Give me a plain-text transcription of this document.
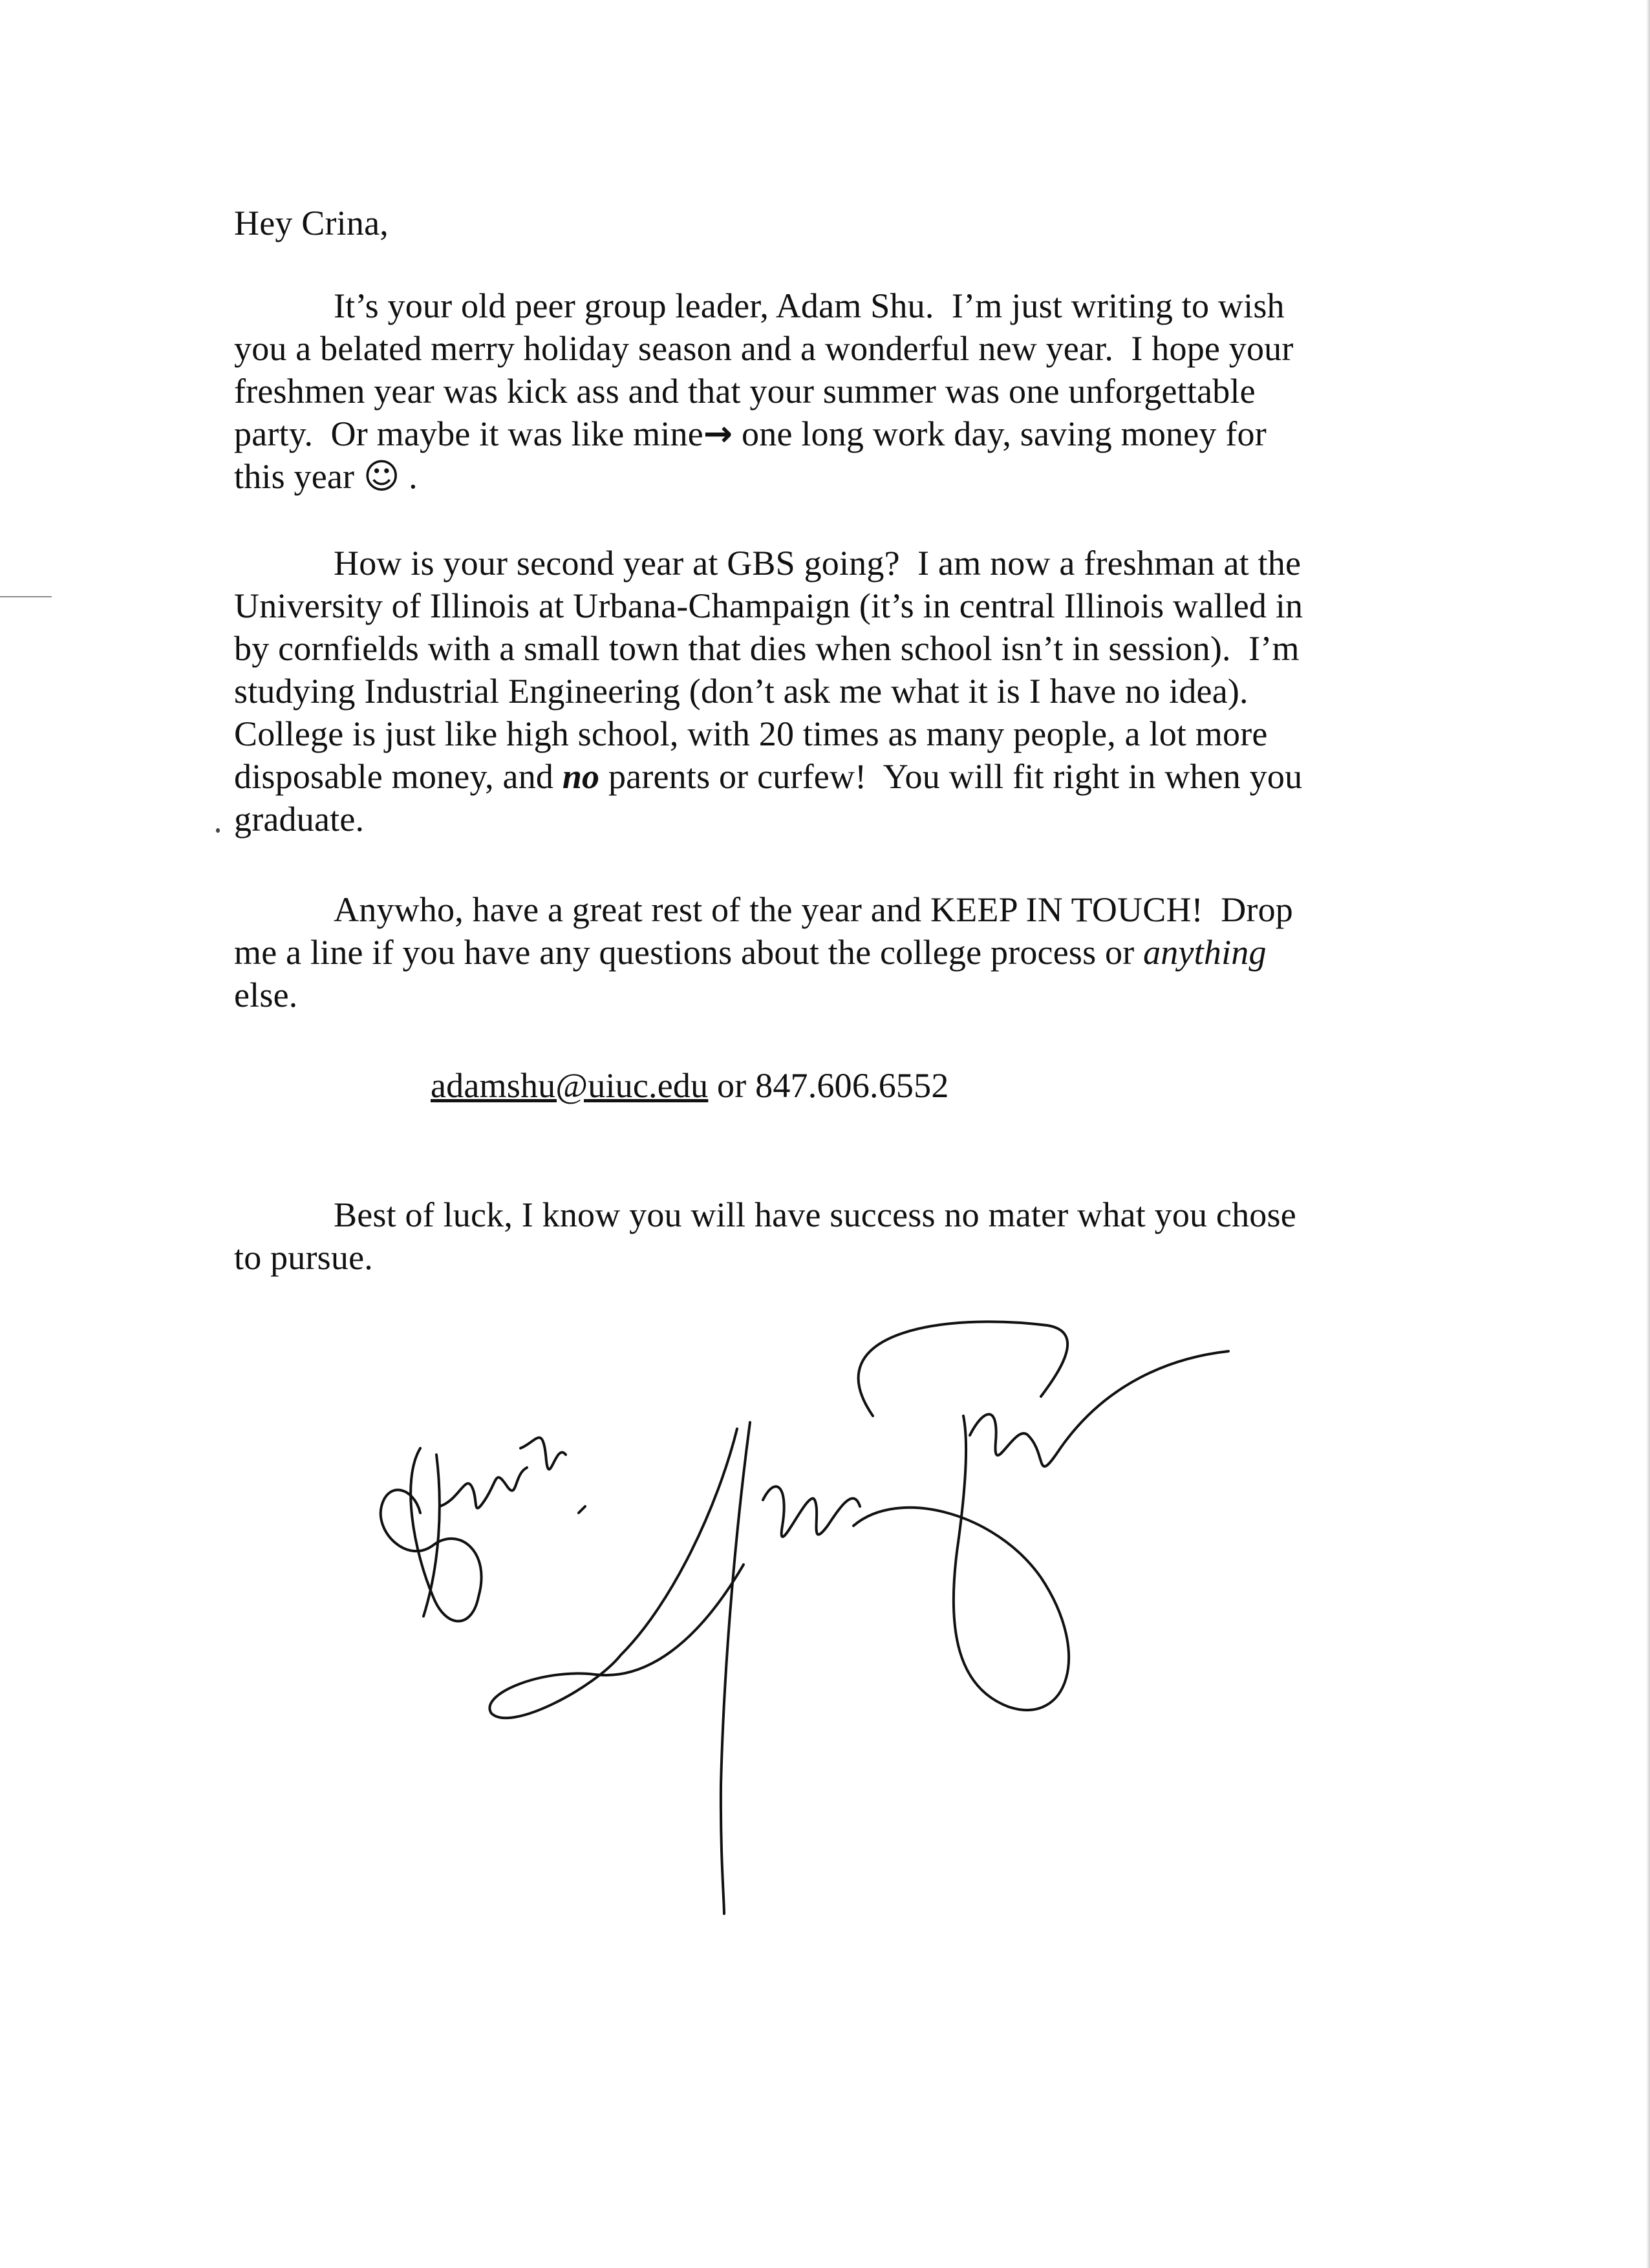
Hey Crina,
It’s your old peer group leader, Adam Shu.  I’m just writing to wish
you a belated merry holiday season and a wonderful new year.  I hope your
freshmen year was kick ass and that your summer was one unforgettable
party.  Or maybe it was like mine→ one long work day, saving money for
this year ☺ .
How is your second year at GBS going?  I am now a freshman at the
University of Illinois at Urbana-Champaign (it’s in central Illinois walled in
by cornfields with a small town that dies when school isn’t in session).  I’m
studying Industrial Engineering (don’t ask me what it is I have no idea).
College is just like high school, with 20 times as many people, a lot more
disposable money, and no parents or curfew!  You will fit right in when you
graduate.
Anywho, have a great rest of the year and KEEP IN TOUCH!  Drop
me a line if you have any questions about the college process or anything
else.
adamshu@uiuc.edu or 847.606.6552
Best of luck, I know you will have success no mater what you chose
to pursue.
